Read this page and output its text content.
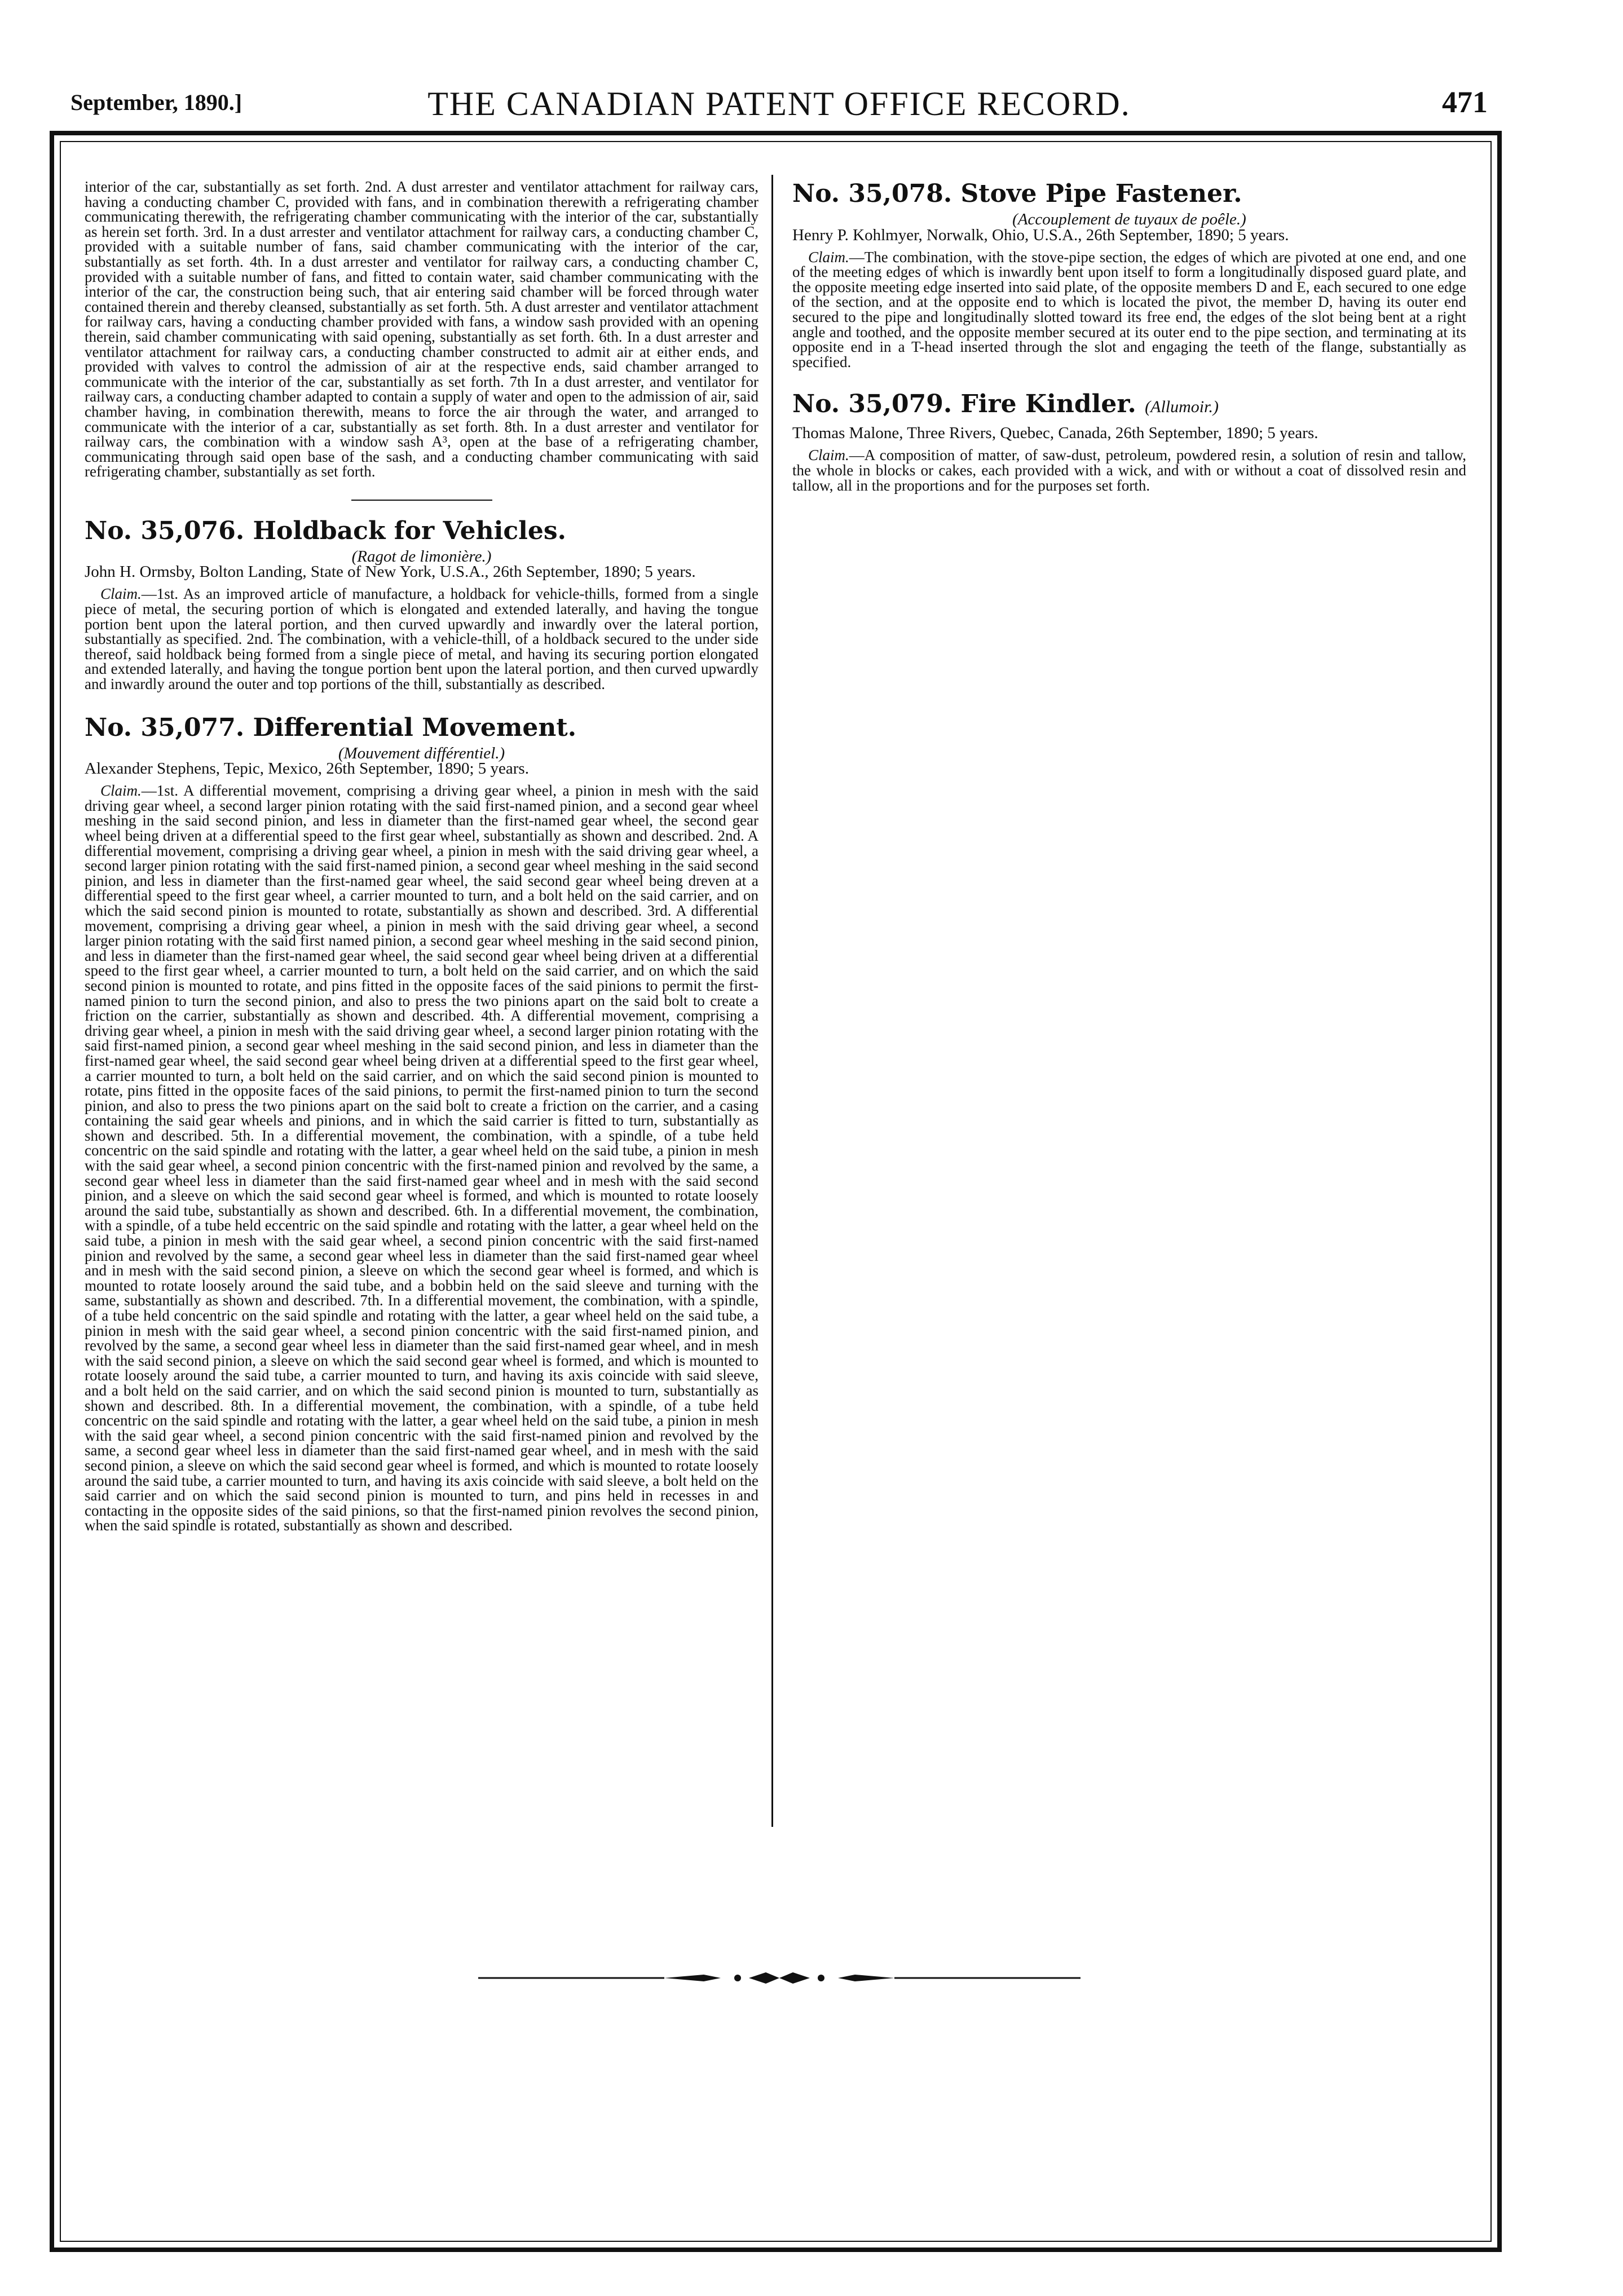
September, 1890.]	THE CANADIAN PATENT OFFICE RECORD.	471

interior of the car, substantially as set forth. 2nd. A dust arrester and ventilator attachment for railway cars, having a conducting chamber C, provided with fans, and in combination therewith a refrigerating chamber communicating therewith, the refrigerating chamber communicating with the interior of the car, substantially as herein set forth. 3rd. In a dust arrester and ventilator attachment for railway cars, a conducting chamber C, provided with a suitable number of fans, said chamber communicating with the interior of the car, substantially as set forth. 4th. In a dust arrester and ventilator for railway cars, a conducting chamber C, provided with a suitable number of fans, and fitted to contain water, said chamber communicating with the interior of the car, the construction being such, that air entering said chamber will be forced through water contained therein and thereby cleansed, substantially as set forth. 5th. A dust arrester and ventilator attachment for railway cars, having a conducting chamber provided with fans, a window sash provided with an opening therein, said chamber communicating with said opening, substantially as set forth. 6th. In a dust arrester and ventilator attachment for railway cars, a conducting chamber constructed to admit air at either ends, and provided with valves to control the admission of air at the respective ends, said chamber arranged to communicate with the interior of the car, substantially as set forth. 7th In a dust arrester, and ventilator for railway cars, a conducting chamber adapted to contain a supply of water and open to the admission of air, said chamber having, in combination therewith, means to force the air through the water, and arranged to communicate with the interior of a car, substantially as set forth. 8th. In a dust arrester and ventilator for railway cars, the combination with a window sash A³, open at the base of a refrigerating chamber, communicating through said open base of the sash, and a conducting chamber communicating with said refrigerating chamber, substantially as set forth.

No. 35,076. Holdback for Vehicles.

(Ragot de limonière.)

John H. Ormsby, Bolton Landing, State of New York, U.S.A., 26th September, 1890; 5 years.

Claim.—1st. As an improved article of manufacture, a holdback for vehicle-thills, formed from a single piece of metal, the securing portion of which is elongated and extended laterally, and having the tongue portion bent upon the lateral portion, and then curved upwardly and inwardly over the lateral portion, substantially as specified. 2nd. The combination, with a vehicle-thill, of a holdback secured to the under side thereof, said holdback being formed from a single piece of metal, and having its securing portion elongated and extended laterally, and having the tongue portion bent upon the lateral portion, and then curved upwardly and inwardly around the outer and top portions of the thill, substantially as described.

No. 35,077. Differential Movement.

(Mouvement différentiel.)

Alexander Stephens, Tepic, Mexico, 26th September, 1890; 5 years.

Claim.—1st. A differential movement, comprising a driving gear wheel, a pinion in mesh with the said driving gear wheel, a second larger pinion rotating with the said first-named pinion, and a second gear wheel meshing in the said second pinion, and less in diameter than the first-named gear wheel, the second gear wheel being driven at a differential speed to the first gear wheel, substantially as shown and described. 2nd. A differential movement, comprising a driving gear wheel, a pinion in mesh with the said driving gear wheel, a second larger pinion rotating with the said first-named pinion, a second gear wheel meshing in the said second pinion, and less in diameter than the first-named gear wheel, the said second gear wheel being dreven at a differential speed to the first gear wheel, a carrier mounted to turn, and a bolt held on the said carrier, and on which the said second pinion is mounted to rotate, substantially as shown and described. 3rd. A differential movement, comprising a driving gear wheel, a pinion in mesh with the said driving gear wheel, a second larger pinion rotating with the said first named pinion, a second gear wheel meshing in the said second pinion, and less in diameter than the first-named gear wheel, the said second gear wheel being driven at a differential speed to the first gear wheel, a carrier mounted to turn, a bolt held on the said carrier, and on which the said second pinion is mounted to rotate, and pins fitted in the opposite faces of the said pinions to permit the first-named pinion to turn the second pinion, and also to press the two pinions apart on the said bolt to create a friction on the carrier, substantially as shown and described. 4th. A differential movement, comprising a driving gear wheel, a pinion in mesh with the said driving gear wheel, a second larger pinion rotating with the said first-named pinion, a second gear wheel meshing in the said second pinion, and less in diameter than the first-named gear wheel, the said second gear wheel being driven at a differential speed to the first gear wheel, a carrier mounted to turn, a bolt held on the said carrier, and on which the said second pinion is mounted to rotate, pins fitted in the opposite faces of the said pinions, to permit the first-named pinion to turn the second pinion, and also to press the two pinions apart on the said bolt to create a friction on the carrier, and a casing containing the said gear wheels and pinions, and in which the said carrier is fitted to turn, substantially as shown and described. 5th. In a differential movement, the combination, with a spindle, of a tube held concentric on the said spindle and rotating with the latter, a gear wheel held on the said tube, a pinion in mesh with the said gear wheel, a second pinion concentric with the first-named pinion and revolved by the same, a second gear wheel less in diameter than the said first-named gear wheel and in mesh with the said second pinion, and a sleeve on which the said second gear wheel is formed, and which is mounted to rotate loosely around the said tube, substantially as shown and described. 6th. In a differential movement, the combination, with a spindle, of a tube held eccentric on the said spindle and rotating with the latter, a gear wheel held on the said tube, a pinion in mesh with the said gear wheel, a second pinion concentric with the said first-named pinion and revolved by the same, a second gear wheel less in diameter than the said first-named gear wheel and in mesh with the said second pinion, a sleeve on which the second gear wheel is formed, and which is mounted to rotate loosely around the said tube, and a bobbin held on the said sleeve and turning with the same, substantially as shown and described. 7th. In a differential movement, the combination, with a spindle, of a tube held concentric on the said spindle and rotating with the latter, a gear wheel held on the said tube, a pinion in mesh with the said gear wheel, a second pinion concentric with the said first-named pinion, and revolved by the same, a second gear wheel less in diameter than the said first-named gear wheel, and in mesh with the said second pinion, a sleeve on which the said second gear wheel is formed, and which is mounted to rotate loosely around the said tube, a carrier mounted to turn, and having its axis coincide with said sleeve, and a bolt held on the said carrier, and on which the said second pinion is mounted to turn, substantially as shown and described. 8th. In a differential movement, the combination, with a spindle, of a tube held concentric on the said spindle and rotating with the latter, a gear wheel held on the said tube, a pinion in mesh with the said gear wheel, a second pinion concentric with the said first-named pinion and revolved by the same, a second gear wheel less in diameter than the said first-named gear wheel, and in mesh with the said second pinion, a sleeve on which the said second gear wheel is formed, and which is mounted to rotate loosely around the said tube, a carrier mounted to turn, and having its axis coincide with said sleeve, a bolt held on the said carrier and on which the said second pinion is mounted to turn, and pins held in recesses in and contacting in the opposite sides of the said pinions, so that the first-named pinion revolves the second pinion, when the said spindle is rotated, substantially as shown and described.

No. 35,078. Stove Pipe Fastener.

(Accouplement de tuyaux de poêle.)

Henry P. Kohlmyer, Norwalk, Ohio, U.S.A., 26th September, 1890; 5 years.

Claim.—The combination, with the stove-pipe section, the edges of which are pivoted at one end, and one of the meeting edges of which is inwardly bent upon itself to form a longitudinally disposed guard plate, and the opposite meeting edge inserted into said plate, of the opposite members D and E, each secured to one edge of the section, and at the opposite end to which is located the pivot, the member D, having its outer end secured to the pipe and longitudinally slotted toward its free end, the edges of the slot being bent at a right angle and toothed, and the opposite member secured at its outer end to the pipe section, and terminating at its opposite end in a T-head inserted through the slot and engaging the teeth of the flange, substantially as specified.

No. 35,079. Fire Kindler. (Allumoir.)

Thomas Malone, Three Rivers, Quebec, Canada, 26th September, 1890; 5 years.

Claim.—A composition of matter, of saw-dust, petroleum, powdered resin, a solution of resin and tallow, the whole in blocks or cakes, each provided with a wick, and with or without a coat of dissolved resin and tallow, all in the proportions and for the purposes set forth.
